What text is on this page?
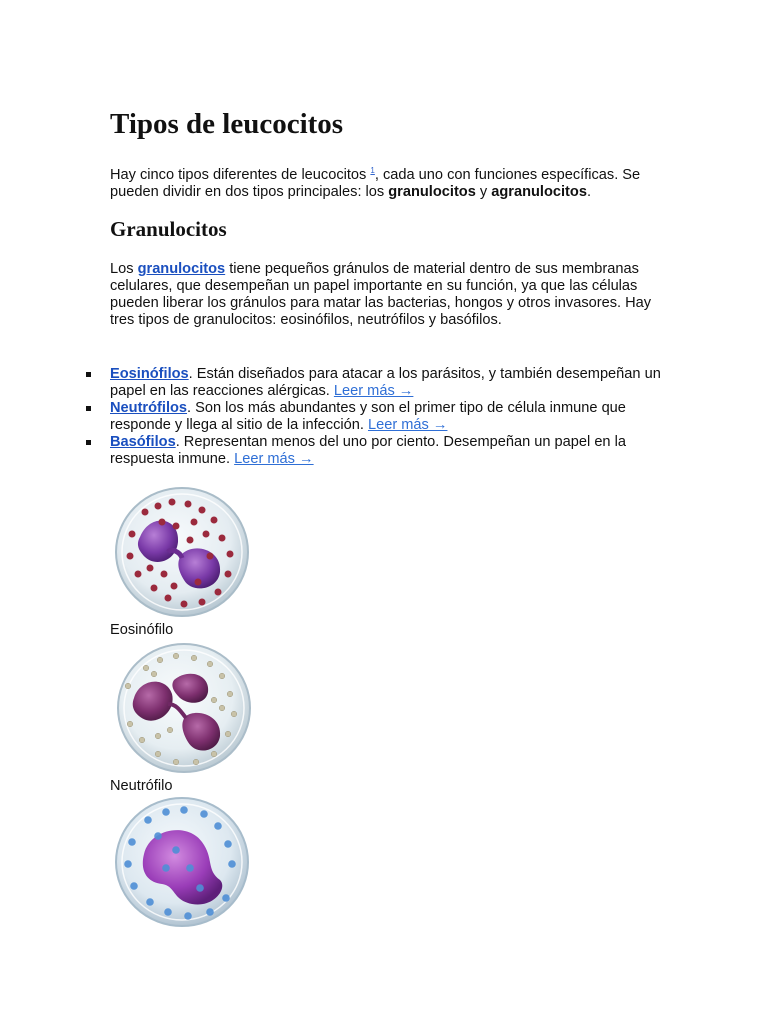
Tipos de leucocitos

Hay cinco tipos diferentes de leucocitos $^1$, cada uno con funciones específicas. Se pueden dividir en dos tipos principales: los granulocitos y agranulocitos.

Granulocitos

Los granulocitos tiene pequeños gránulos de material dentro de sus membranas celulares, que desempeñan un papel importante en su función, ya que las células pueden liberar los gránulos para matar las bacterias, hongos y otros invasores. Hay tres tipos de granulocitos: eosinófilos, neutrófilos y basófilos.

Eosinófilos. Están diseñados para atacar a los parásitos, y también desempeñan un papel en las reacciones alérgicas. Leer más →
Neutrófilos. Son los más abundantes y son el primer tipo de célula inmune que responde y llega al sitio de la infección. Leer más →
Basófilos. Representan menos del uno por ciento. Desempeñan un papel en la respuesta inmune. Leer más →
Eosinófilo
Neutrófilo
